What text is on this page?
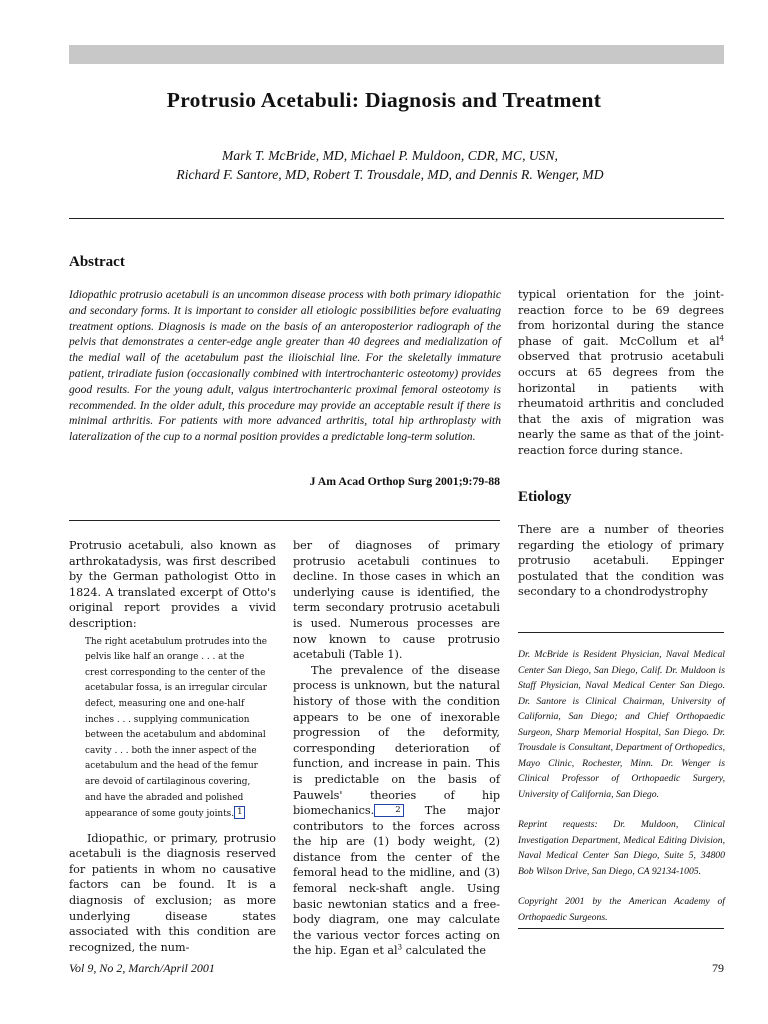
Protrusio Acetabuli: Diagnosis and Treatment
Mark T. McBride, MD, Michael P. Muldoon, CDR, MC, USN,
Richard F. Santore, MD, Robert T. Trousdale, MD, and Dennis R. Wenger, MD
Abstract

Idiopathic protrusio acetabuli is an uncommon disease process with both primary idiopathic and secondary forms. It is important to consider all etiologic possibilities before evaluating treatment options. Diagnosis is made on the basis of an anteroposterior radiograph of the pelvis that demonstrates a center-edge angle greater than 40 degrees and medialization of the medial wall of the acetabulum past the ilioischial line. For the skeletally immature patient, triradiate fusion (occasionally combined with intertrochanteric osteotomy) provides good results. For the young adult, valgus intertrochanteric proximal femoral osteotomy is recommended. In the older adult, this procedure may provide an acceptable result if there is minimal arthritis. For patients with more advanced arthritis, total hip arthroplasty with lateralization of the cup to a normal position provides a predictable long-term solution.

J Am Acad Orthop Surg 2001;9:79-88

Protrusio acetabuli, also known as arthrokatadysis, was first described by the German pathologist Otto in 1824. A translated excerpt of Otto's original report provides a vivid description:

The right acetabulum protrudes into the pelvis like half an orange . . . at the crest corresponding to the center of the acetabular fossa, is an irregular circular defect, measuring one and one-half inches . . . supplying communication between the acetabulum and abdominal cavity . . . both the inner aspect of the acetabulum and the head of the femur are devoid of cartilaginous covering, and have the abraded and polished appearance of some gouty joints. 1

Idiopathic, or primary, protrusio acetabuli is the diagnosis reserved for patients in whom no causative factors can be found. It is a diagnosis of exclusion; as more underlying disease states associated with this condition are recognized, the num-

ber of diagnoses of primary protrusio acetabuli continues to decline. In those cases in which an underlying cause is identified, the term secondary protrusio acetabuli is used. Numerous processes are now known to cause protrusio acetabuli (Table 1).

The prevalence of the disease process is unknown, but the natural history of those with the condition appears to be one of inexorable progression of the deformity, corresponding deterioration of function, and increase in pain. This is predictable on the basis of Pauwels' theories of hip biomechanics. 2 The major contributors to the forces across the hip are (1) body weight, (2) distance from the center of the femoral head to the midline, and (3) femoral neck-shaft angle. Using basic newtonian statics and a free-body diagram, one may calculate the various vector forces acting on the hip. Egan et $al^3$ calculated the

typical orientation for the joint-reaction force to be 69 degrees from horizontal during the stance phase of gait. McCollum et $al^4$ observed that protrusio acetabuli occurs at 65 degrees from the horizontal in patients with rheumatoid arthritis and concluded that the axis of migration was nearly the same as that of the joint-reaction force during stance.

Etiology

There are a number of theories regarding the etiology of primary protrusio acetabuli. Eppinger postulated that the condition was secondary to a chondrodystrophy

Dr. McBride is Resident Physician, Naval Medical Center San Diego, San Diego, Calif. Dr. Muldoon is Staff Physician, Naval Medical Center San Diego. Dr. Santore is Clinical Chairman, University of California, San Diego; and Chief Orthopaedic Surgeon, Sharp Memorial Hospital, San Diego. Dr. Trousdale is Consultant, Department of Orthopedics, Mayo Clinic, Rochester, Minn. Dr. Wenger is Clinical Professor of Orthopaedic Surgery, University of California, San Diego.

Reprint requests: Dr. Muldoon, Clinical Investigation Department, Medical Editing Division, Naval Medical Center San Diego, Suite 5, 34800 Bob Wilson Drive, San Diego, CA 92134-1005.

Copyright 2001 by the American Academy of Orthopaedic Surgeons.

Vol 9, No 2, March/April 2001	79
